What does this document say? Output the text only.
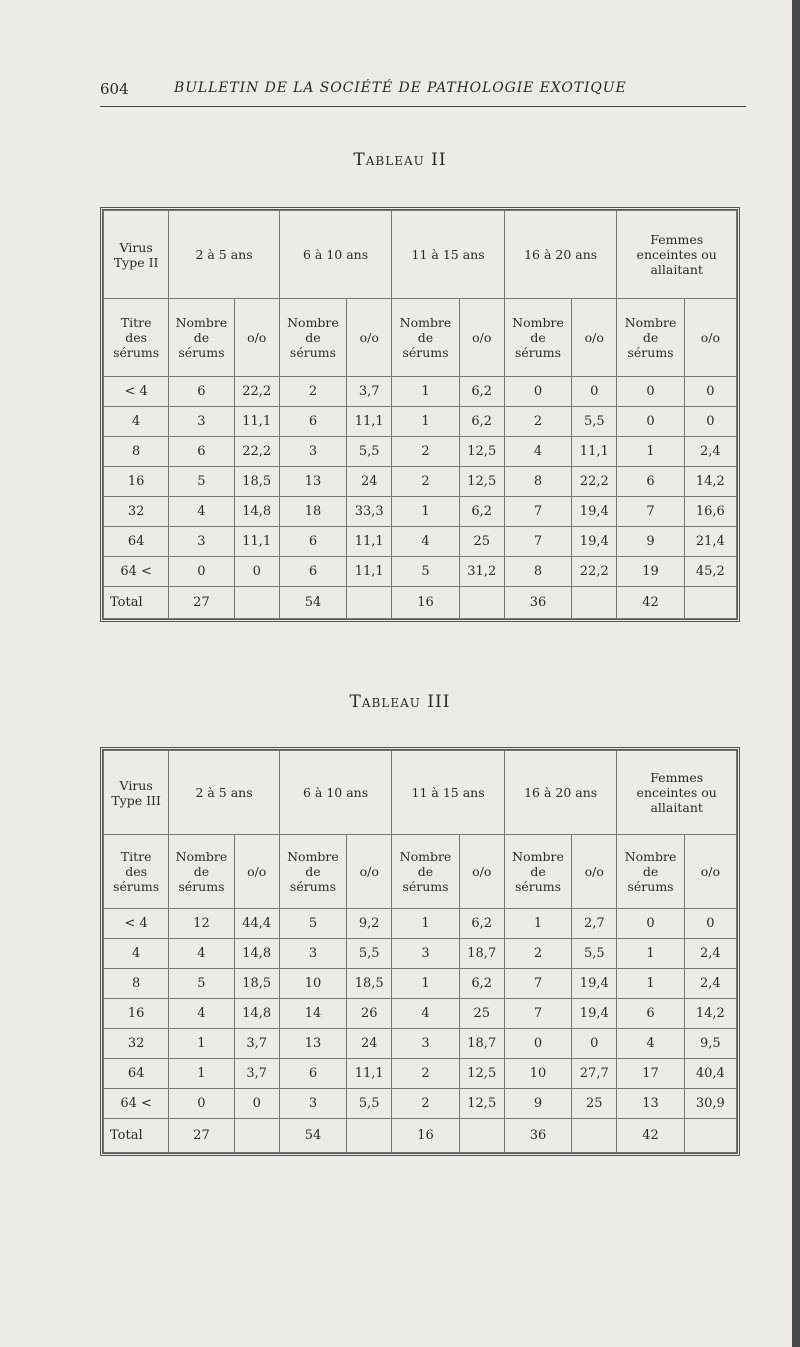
604	BULLETIN DE LA SOCIÉTÉ DE PATHOLOGIE EXOTIQUE
Tableau II
Virus
Type II	2 à 5 ans		6 à 10 ans		11 à 15 ans		16 à 20 ans		Femmes enceintes ou allaitant	
Titre
des
sérums	Nombre
de
sérums	o/o	Nombre
de
sérums	o/o	Nombre
de
sérums	o/o	Nombre
de
sérums	o/o	Nombre
de
sérums	o/o
< 4	6	22,2	2	3,7	1	6,2	0	0	0	0
4	3	11,1	6	11,1	1	6,2	2	5,5	0	0
8	6	22,2	3	5,5	2	12,5	4	11,1	1	2,4
16	5	18,5	13	24	2	12,5	8	22,2	6	14,2
32	4	14,8	18	33,3	1	6,2	7	19,4	7	16,6
64	3	11,1	6	11,1	4	25	7	19,4	9	21,4
64 <	0	0	6	11,1	5	31,2	8	22,2	19	45,2
Total	27		54		16		36		42	
Tableau III
Virus
Type III	2 à 5 ans		6 à 10 ans		11 à 15 ans		16 à 20 ans		Femmes enceintes ou allaitant	
Titre
des
sérums	Nombre
de
sérums	o/o	Nombre
de
sérums	o/o	Nombre
de
sérums	o/o	Nombre
de
sérums	o/o	Nombre
de
sérums	o/o
< 4	12	44,4	5	9,2	1	6,2	1	2,7	0	0
4	4	14,8	3	5,5	3	18,7	2	5,5	1	2,4
8	5	18,5	10	18,5	1	6,2	7	19,4	1	2,4
16	4	14,8	14	26	4	25	7	19,4	6	14,2
32	1	3,7	13	24	3	18,7	0	0	4	9,5
64	1	3,7	6	11,1	2	12,5	10	27,7	17	40,4
64 <	0	0	3	5,5	2	12,5	9	25	13	30,9
Total	27		54		16		36		42	
